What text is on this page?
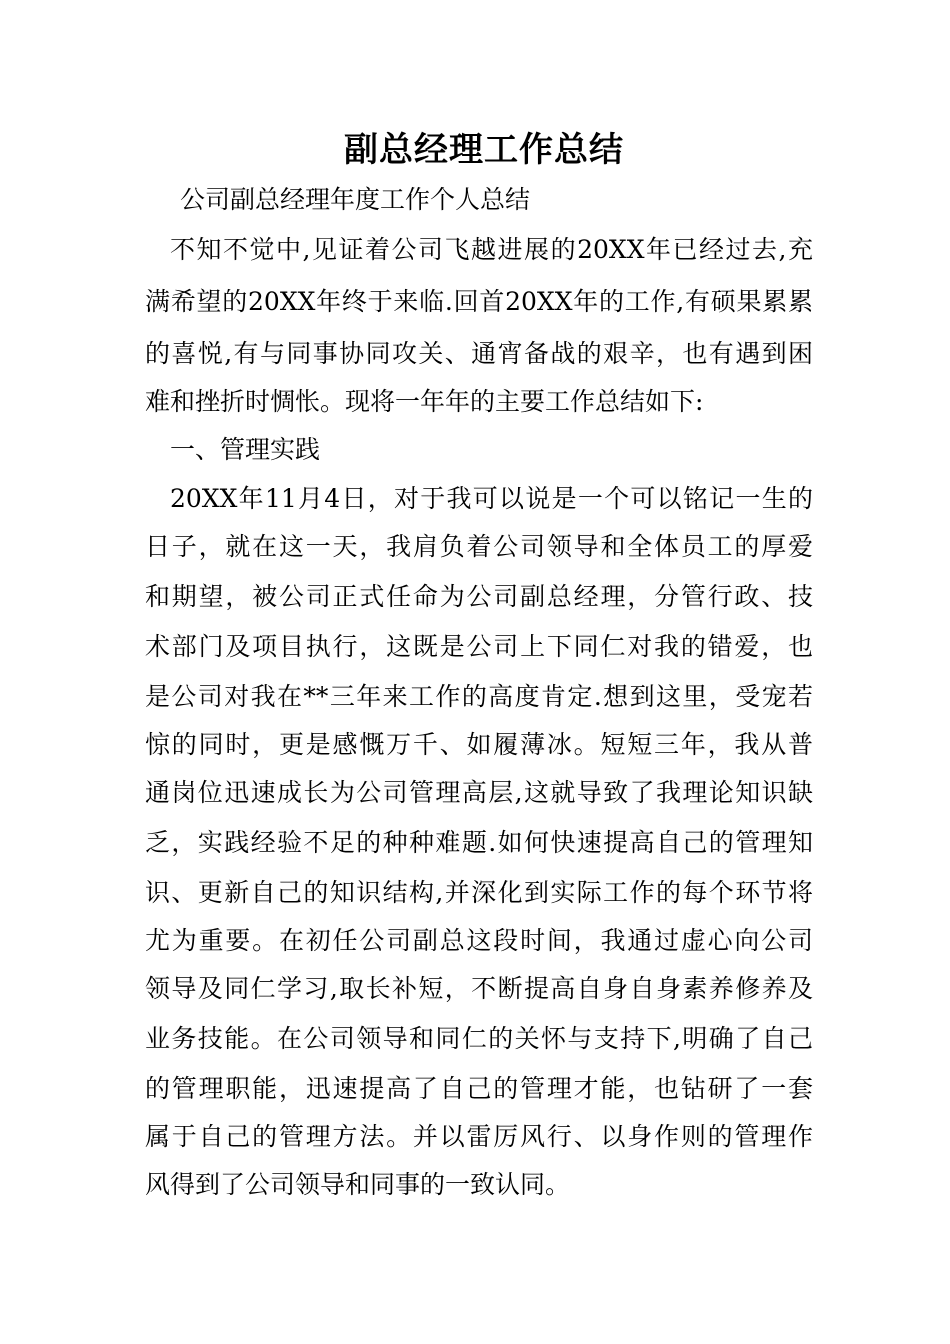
副总经理工作总结
公司副总经理年度工作个人总结
不知不觉中,见证着公司飞越进展的20XX年已经过去,充
满希望的20XX年终于来临.回首20XX年的工作,有硕果累累
的喜悦,有与同事协同攻关、通宵备战的艰辛，也有遇到困
难和挫折时惆怅。现将一年年的主要工作总结如下:
一、管理实践
20XX年11月4日，对于我可以说是一个可以铭记一生的
日子，就在这一天，我肩负着公司领导和全体员工的厚爱
和期望，被公司正式任命为公司副总经理，分管行政、技
术部门及项目执行，这既是公司上下同仁对我的错爱，也
是公司对我在**三年来工作的高度肯定.想到这里，受宠若
惊的同时，更是感慨万千、如履薄冰。短短三年，我从普
通岗位迅速成长为公司管理高层,这就导致了我理论知识缺
乏，实践经验不足的种种难题.如何快速提高自己的管理知
识、更新自己的知识结构,并深化到实际工作的每个环节将
尤为重要。在初任公司副总这段时间，我通过虚心向公司
领导及同仁学习,取长补短，不断提高自身自身素养修养及
业务技能。在公司领导和同仁的关怀与支持下,明确了自己
的管理职能，迅速提高了自己的管理才能，也钻研了一套
属于自己的管理方法。并以雷厉风行、以身作则的管理作
风得到了公司领导和同事的一致认同。
